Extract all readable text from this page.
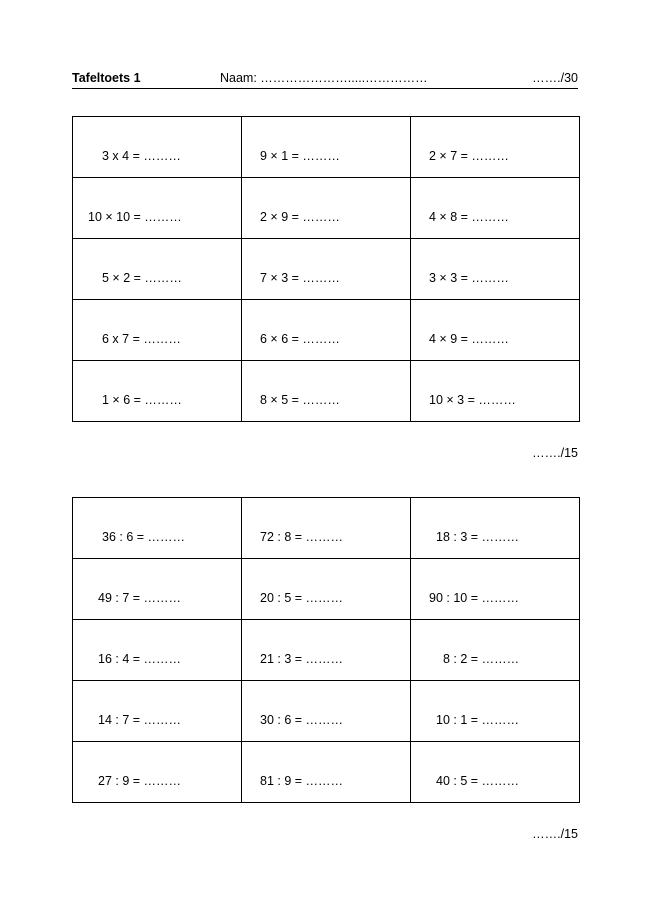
Tafeltoets 1	Naam: ………………….....……………	……./30
3 x 4 = ………	9 × 1 = ………	2 × 7 = ………

10 × 10 = ………	2 × 9 = ………	4 × 8 = ………

5 × 2 = ………	7 × 3 = ………	3 × 3 = ………

6 x 7 = ………	6 × 6 = ………	4 × 9 = ………

1 × 6 = ………	8 × 5 = ………	10 × 3 = ………
……./15
36 : 6 = ………	72 : 8 = ………	18 : 3 = ………

49 : 7 = ………	20 : 5 = ………	90 : 10 = ………

16 : 4 = ………	21 : 3 = ………	8 : 2 = ………

14 : 7 = ………	30 : 6 = ………	10 : 1 = ………

27 : 9 = ………	81 : 9 = ………	40 : 5 = ………
……./15
